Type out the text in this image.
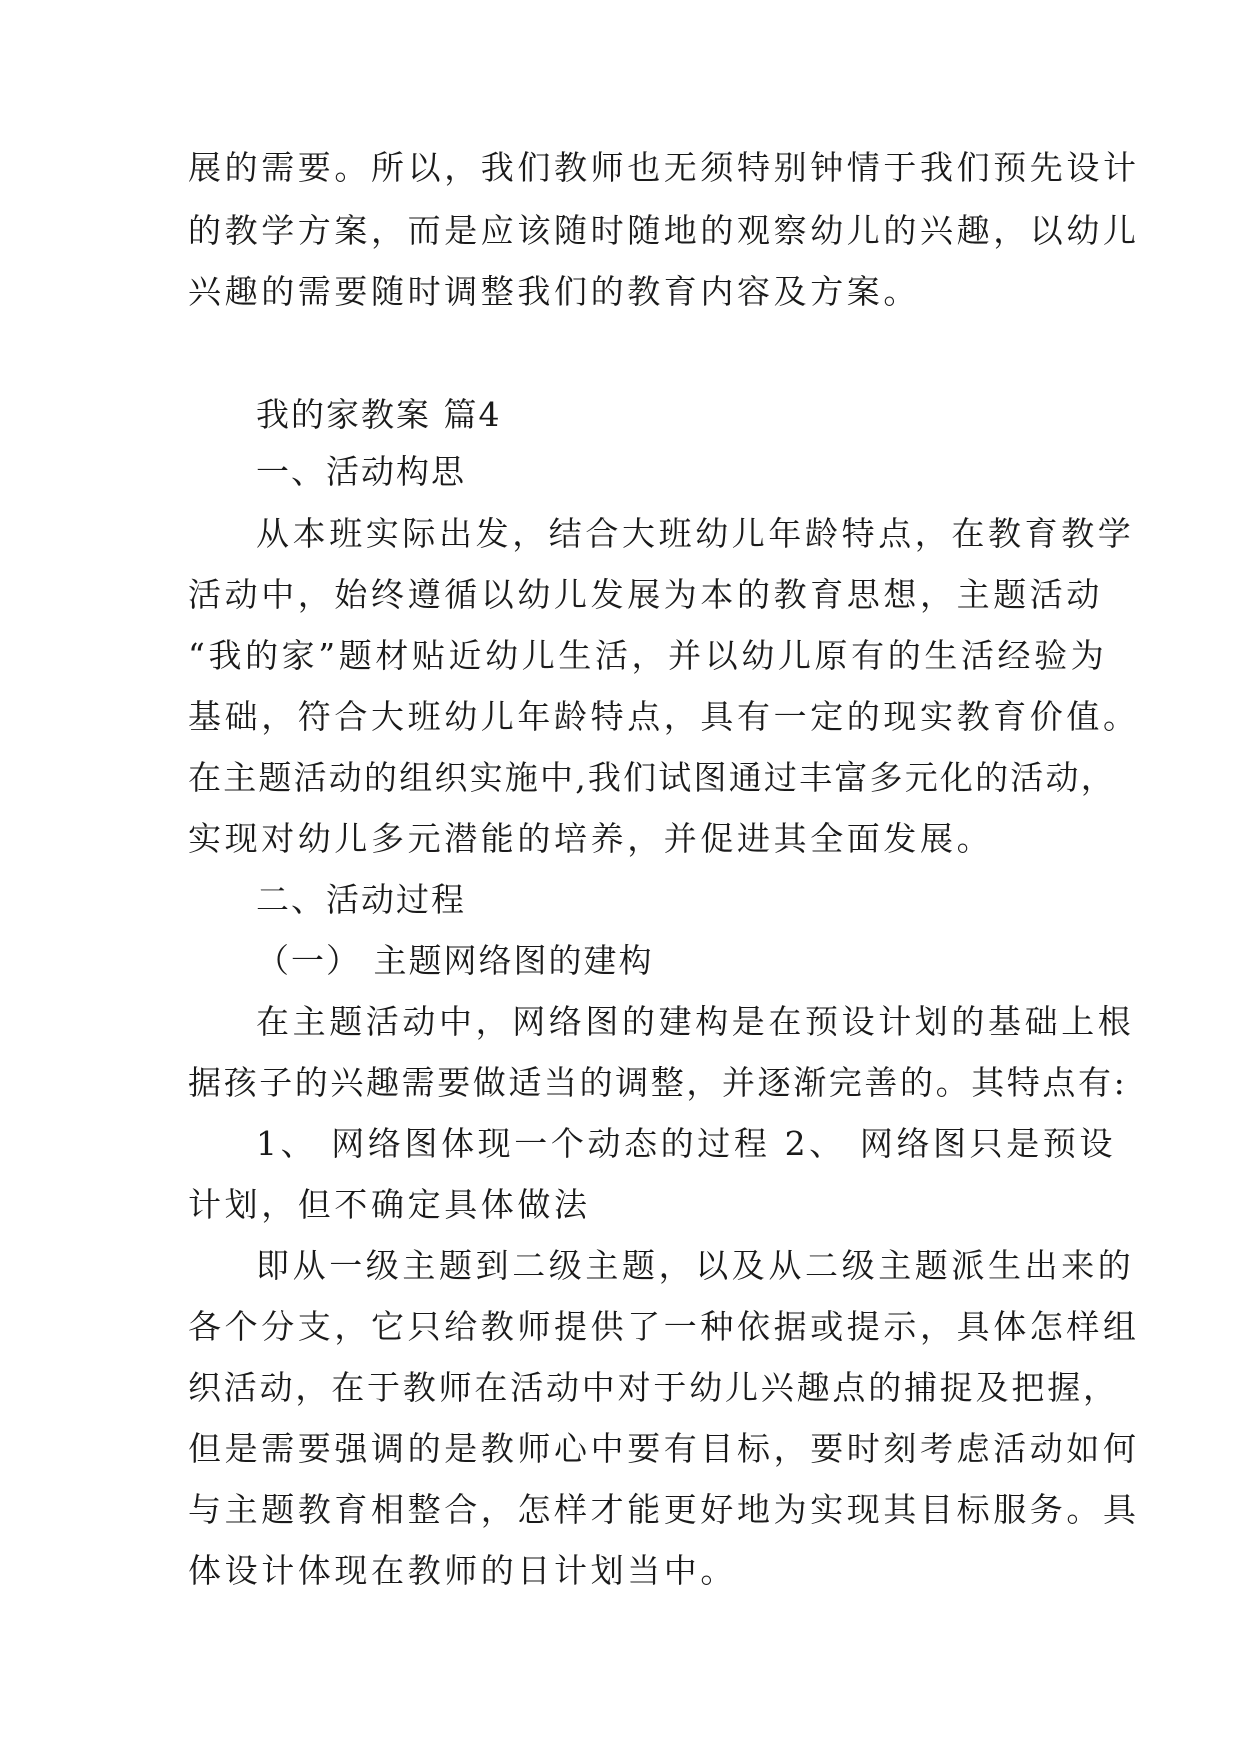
展的需要。所以，我们教师也无须特别钟情于我们预先设计
的教学方案，而是应该随时随地的观察幼儿的兴趣，以幼儿
兴趣的需要随时调整我们的教育内容及方案。
我的家教案 篇4
一、活动构思
从本班实际出发，结合大班幼儿年龄特点，在教育教学
活动中，始终遵循以幼儿发展为本的教育思想，主题活动
“我的家”题材贴近幼儿生活，并以幼儿原有的生活经验为
基础，符合大班幼儿年龄特点，具有一定的现实教育价值。
在主题活动的组织实施中,我们试图通过丰富多元化的活动，
实现对幼儿多元潜能的培养，并促进其全面发展。
二、活动过程
（一） 主题网络图的建构
在主题活动中，网络图的建构是在预设计划的基础上根
据孩子的兴趣需要做适当的调整，并逐渐完善的。其特点有:
1、 网络图体现一个动态的过程 2、 网络图只是预设
计划，但不确定具体做法
即从一级主题到二级主题，以及从二级主题派生出来的
各个分支，它只给教师提供了一种依据或提示，具体怎样组
织活动，在于教师在活动中对于幼儿兴趣点的捕捉及把握，
但是需要强调的是教师心中要有目标，要时刻考虑活动如何
与主题教育相整合，怎样才能更好地为实现其目标服务。具
体设计体现在教师的日计划当中。
